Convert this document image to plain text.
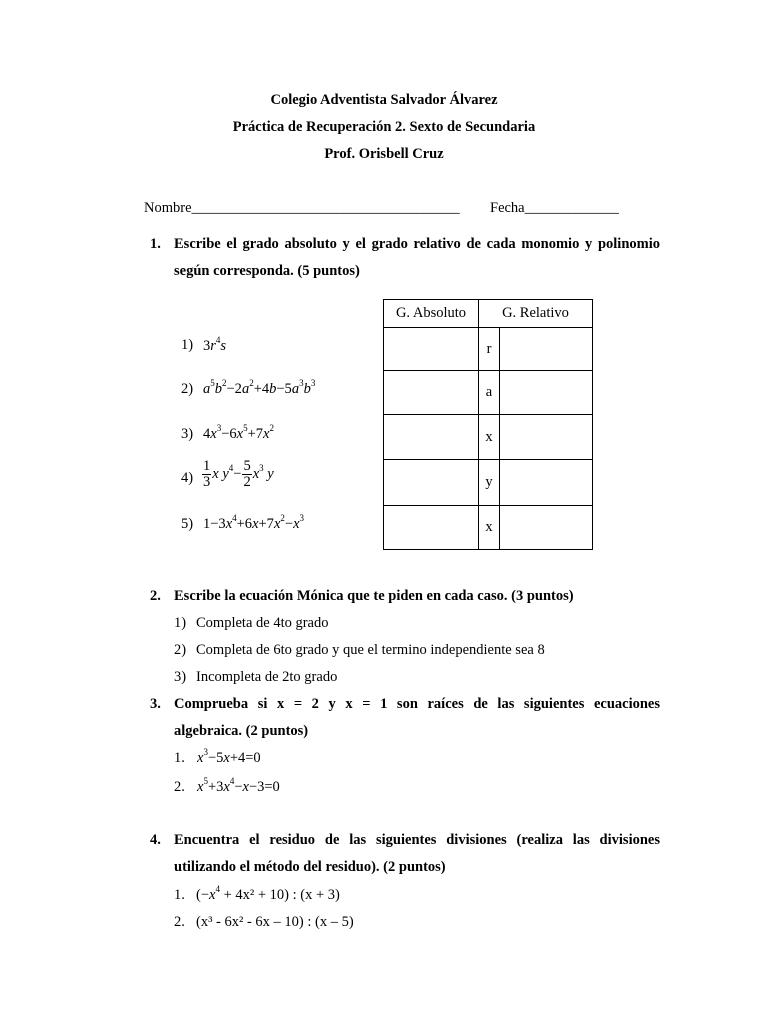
Colegio Adventista Salvador Álvarez
Práctica de Recuperación 2. Sexto de Secundaria
Prof. Orisbell Cruz
Nombre_____________________________________ Fecha_____________
1. Escribe el grado absoluto y el grado relativo de cada monomio y polinomio
según corresponda. (5 puntos)
1) $3r^4s$
2) $a^5b^2-2a^2+4b-5a^3b^3$
3) $4x^3-6x^5+7x^2$
$4) \frac{1}{3}$ x $y^4- \frac{5}{2} x^3$ y
5) $1-3x^4+6x+7x^2-x^3$
G. Absoluto	G. Relativo	
	r	
	a	
	x	
	y	
	x	
2. Escribe la ecuación Mónica que te piden en cada caso. (3 puntos)
1) Completa de 4to grado
2) Completa de 6to grado y que el termino independiente sea 8
3) Incompleta de 2to grado
3. Comprueba si x = 2 y x = 1 son raíces de las siguientes ecuaciones
algebraica. (2 puntos)
1. $x^3-5x+4=0$
2. $x^5+3x^4-x-3=0$
4. Encuentra el residuo de las siguientes divisiones (realiza las divisiones
utilizando el método del residuo). (2 puntos)
1. $(-x^4 + 4x^2 + 10)$ : (x + 3)
2. (x³ - 6x² - 6x – 10) : (x – 5)
